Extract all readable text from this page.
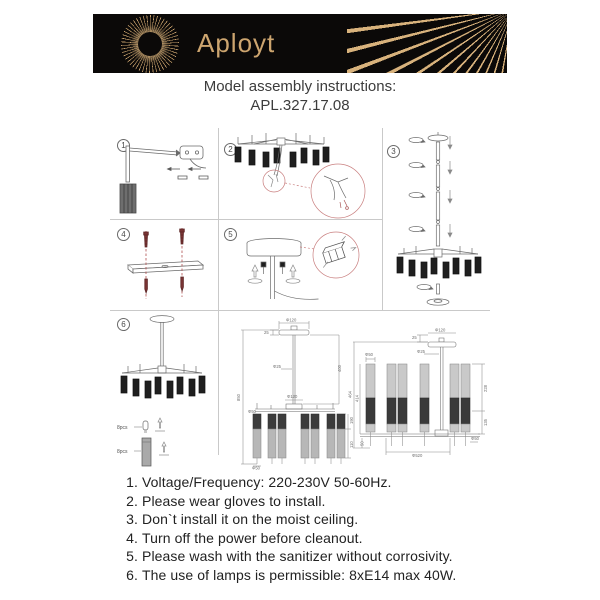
Aployt
Model assembly instructions:
APL.327.17.08
1	2	3
4	5
6
8pcs
8pcs
Φ120
25
Φ25	400
Φ120
Φ50
190
110
850
Φ50
25
Φ120
Φ25
Φ50
464
414
228
135
50
Φ520
Φ50
1. Voltage/Frequency: 220-230V 50-60Hz.
2. Please wear gloves to install.
3. Don`t install it on the moist ceiling.
4. Turn off the power before cleanout.
5. Please wash with the sanitizer without corrosivity.
6. The use of lamps is permissible: 8xE14 max 40W.
